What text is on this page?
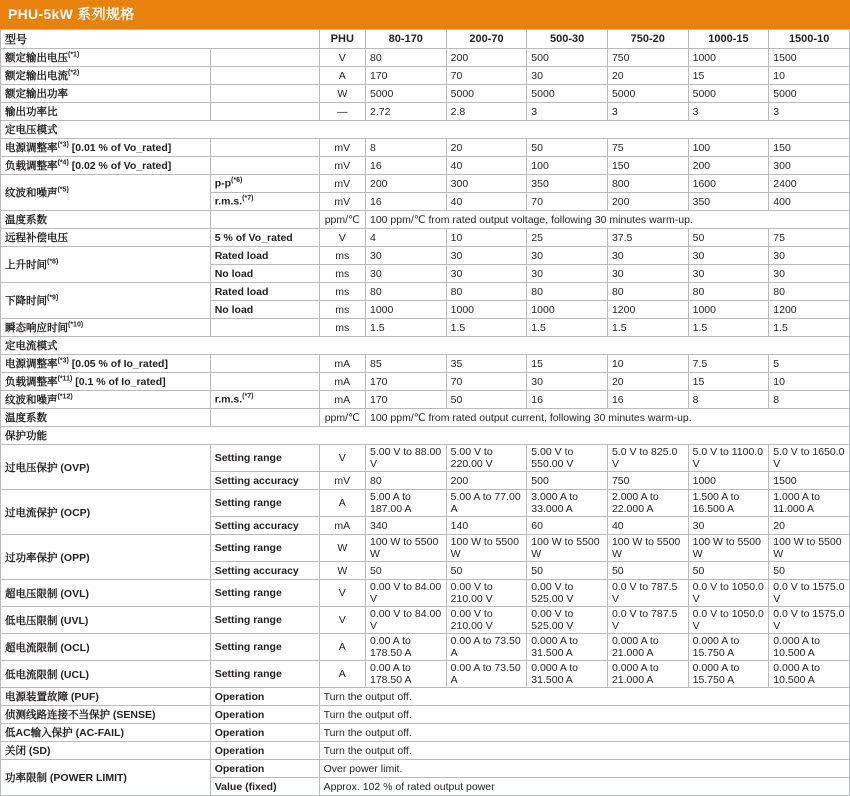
PHU-5kW 系列规格
型号		PHU	80-170	200-70	500-30	750-20	1000-15	1500-10
额定输出电压$^{(*1)}$		V	80	200	500	750	1000	1500
额定输出电流$^{(*2)}$		A	170	70	30	20	15	10
额定输出功率		W	5000	5000	5000	5000	5000	5000
输出功率比		—	2.72	2.8	3	3	3	3
定电压模式								
电源调整率$^{(*3)}$ [0.01 % of Vo_rated]		mV	8	20	50	75	100	150
负载调整率$^{(*4)}$ [0.02 % of Vo_rated]		mV	16	40	100	150	200	300
纹波和噪声$^{(*5)}$	$p-p^{(*6)}$	mV	200	300	350	800	1600	2400
	r.m.s.$^{(*7)}$	mV	16	40	70	200	350	400
温度系数		ppm/℃	100 ppm/℃ from rated output voltage, following 30 minutes warm-up.					
远程补偿电压	5 % of Vo_rated	V	4	10	25	37.5	50	75
上升时间$^{(*8)}$	Rated load	ms	30	30	30	30	30	30
	No load	ms	30	30	30	30	30	30
下降时间$^{(*9)}$	Rated load	ms	80	80	80	80	80	80
	No load	ms	1000	1000	1000	1200	1000	1200
瞬态响应时间$^{(*10)}$		ms	1.5	1.5	1.5	1.5	1.5	1.5
定电流模式								
电源调整率$^{(*3)}$ [0.05 % of Io_rated]		mA	85	35	15	10	7.5	5
负载调整率$^{(*11)}$ [0.1 % of Io_rated]		mA	170	70	30	20	15	10
纹波和噪声$^{(*12)}$	r.m.s.$^{(*7)}$	mA	170	50	16	16	8	8
温度系数		ppm/℃	100 ppm/℃ from rated output current, following 30 minutes warm-up.					
保护功能								
过电压保护 (OVP)	Setting range	V	5.00 V to 88.00 V	5.00 V to 220.00 V	5.00 V to 550.00 V	5.0 V to 825.0 V	5.0 V to 1100.0 V	5.0 V to 1650.0 V
	Setting accuracy	mV	80	200	500	750	1000	1500
过电流保护 (OCP)	Setting range	A	5.00 A to 187.00 A	5.00 A to 77.00 A	3.000 A to 33.000 A	2.000 A to 22.000 A	1.500 A to 16.500 A	1.000 A to 11.000 A
	Setting accuracy	mA	340	140	60	40	30	20
过功率保护 (OPP)	Setting range	W	100 W to 5500 W	100 W to 5500 W	100 W to 5500 W	100 W to 5500 W	100 W to 5500 W	100 W to 5500 W
	Setting accuracy	W	50	50	50	50	50	50
超电压限制 (OVL)	Setting range	V	0.00 V to 84.00 V	0.00 V to 210.00 V	0.00 V to 525.00 V	0.0 V to 787.5 V	0.0 V to 1050.0 V	0.0 V to 1575.0 V
低电压限制 (UVL)	Setting range	V	0.00 V to 84.00 V	0.00 V to 210.00 V	0.00 V to 525.00 V	0.0 V to 787.5 V	0.0 V to 1050.0 V	0.0 V to 1575.0 V
超电流限制 (OCL)	Setting range	A	0.00 A to 178.50 A	0.00 A to 73.50 A	0.000 A to 31.500 A	0.000 A to 21.000 A	0.000 A to 15.750 A	0.000 A to 10.500 A
低电流限制 (UCL)	Setting range	A	0.00 A to 178.50 A	0.00 A to 73.50 A	0.000 A to 31.500 A	0.000 A to 21.000 A	0.000 A to 15.750 A	0.000 A to 10.500 A
电源装置故障 (PUF)	Operation	Turn the output off.						
侦测线路连接不当保护 (SENSE)	Operation	Turn the output off.						
低AC输入保护 (AC-FAIL)	Operation	Turn the output off.						
关闭 (SD)	Operation	Turn the output off.						
功率限制 (POWER LIMIT)	Operation	Over power limit.						
	Value (fixed)	Approx. 102 % of rated output power						
